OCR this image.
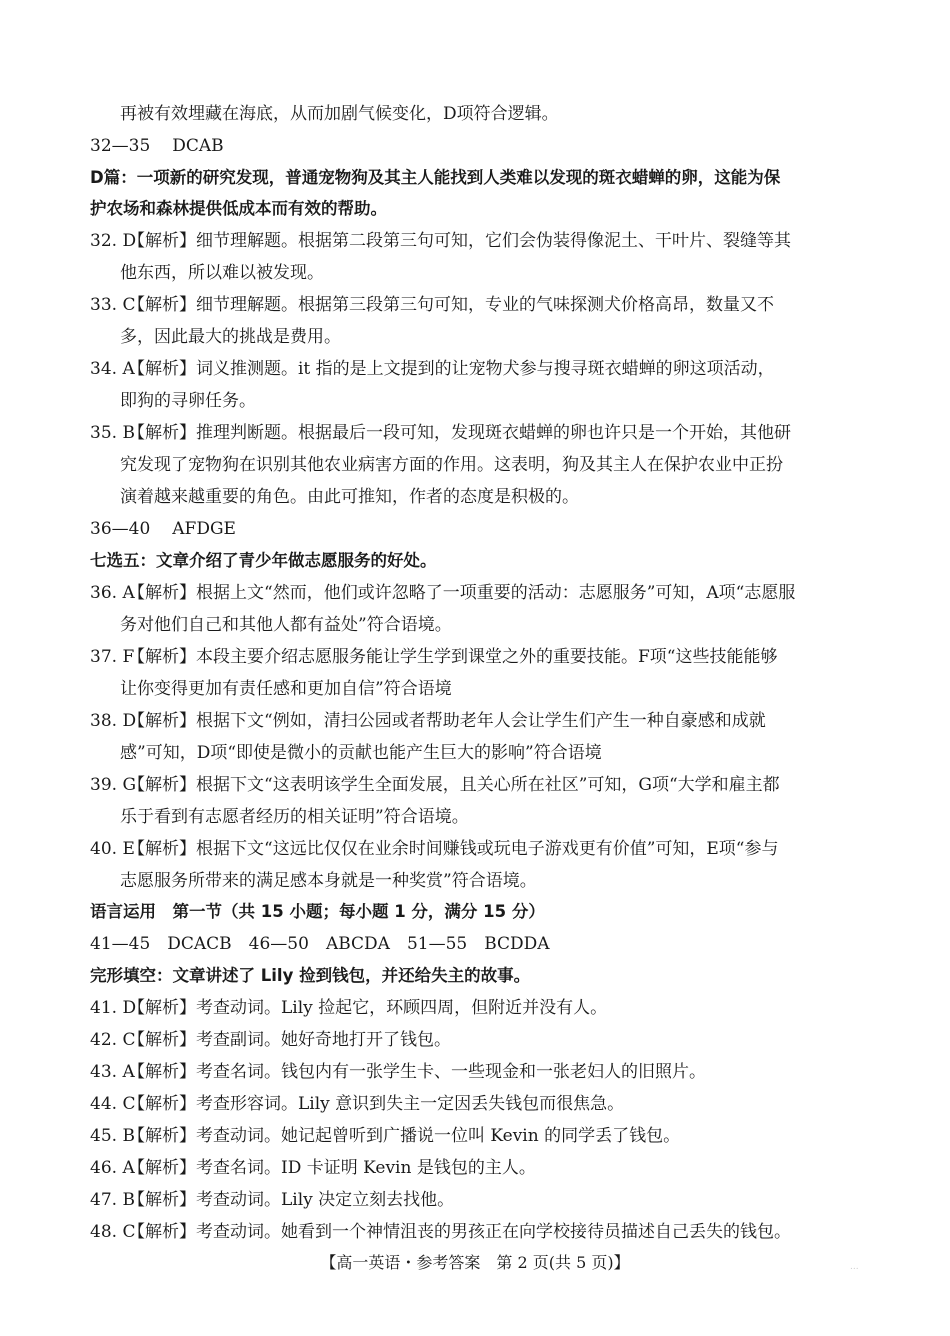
再被有效埋藏在海底，从而加剧气候变化，D项符合逻辑。
32—35 DCAB
D篇：一项新的研究发现，普通宠物狗及其主人能找到人类难以发现的斑衣蜡蝉的卵，这能为保
护农场和森林提供低成本而有效的帮助。
32. D【解析】细节理解题。根据第二段第三句可知，它们会伪装得像泥土、干叶片、裂缝等其
他东西，所以难以被发现。
33. C【解析】细节理解题。根据第三段第三句可知，专业的气味探测犬价格高昂，数量又不
多，因此最大的挑战是费用。
34. A【解析】词义推测题。it 指的是上文提到的让宠物犬参与搜寻斑衣蜡蝉的卵这项活动，
即狗的寻卵任务。
35. B【解析】推理判断题。根据最后一段可知，发现斑衣蜡蝉的卵也许只是一个开始，其他研
究发现了宠物狗在识别其他农业病害方面的作用。这表明，狗及其主人在保护农业中正扮
演着越来越重要的角色。由此可推知，作者的态度是积极的。
36—40 AFDGE
七选五：文章介绍了青少年做志愿服务的好处。
36. A【解析】根据上文“然而，他们或许忽略了一项重要的活动：志愿服务”可知，A项“志愿服
务对他们自己和其他人都有益处”符合语境。
37. F【解析】本段主要介绍志愿服务能让学生学到课堂之外的重要技能。F项“这些技能能够
让你变得更加有责任感和更加自信”符合语境
38. D【解析】根据下文“例如，清扫公园或者帮助老年人会让学生们产生一种自豪感和成就
感”可知，D项“即使是微小的贡献也能产生巨大的影响”符合语境
39. G【解析】根据下文“这表明该学生全面发展，且关心所在社区”可知，G项“大学和雇主都
乐于看到有志愿者经历的相关证明”符合语境。
40. E【解析】根据下文“这远比仅仅在业余时间赚钱或玩电子游戏更有价值”可知，E项“参与
志愿服务所带来的满足感本身就是一种奖赏”符合语境。
语言运用　第一节（共 15 小题；每小题 1 分，满分 15 分）
41—45　DCACB　46—50　ABCDA　51—55　BCDDA
完形填空：文章讲述了 Lily 捡到钱包，并还给失主的故事。
41. D【解析】考查动词。Lily 捡起它，环顾四周，但附近并没有人。
42. C【解析】考查副词。她好奇地打开了钱包。
43. A【解析】考查名词。钱包内有一张学生卡、一些现金和一张老妇人的旧照片。
44. C【解析】考查形容词。Lily 意识到失主一定因丢失钱包而很焦急。
45. B【解析】考查动词。她记起曾听到广播说一位叫 Kevin 的同学丢了钱包。
46. A【解析】考查名词。ID 卡证明 Kevin 是钱包的主人。
47. B【解析】考查动词。Lily 决定立刻去找他。
48. C【解析】考查动词。她看到一个神情沮丧的男孩正在向学校接待员描述自己丢失的钱包。
【高一英语・参考答案　第 2 页(共 5 页)】	...
